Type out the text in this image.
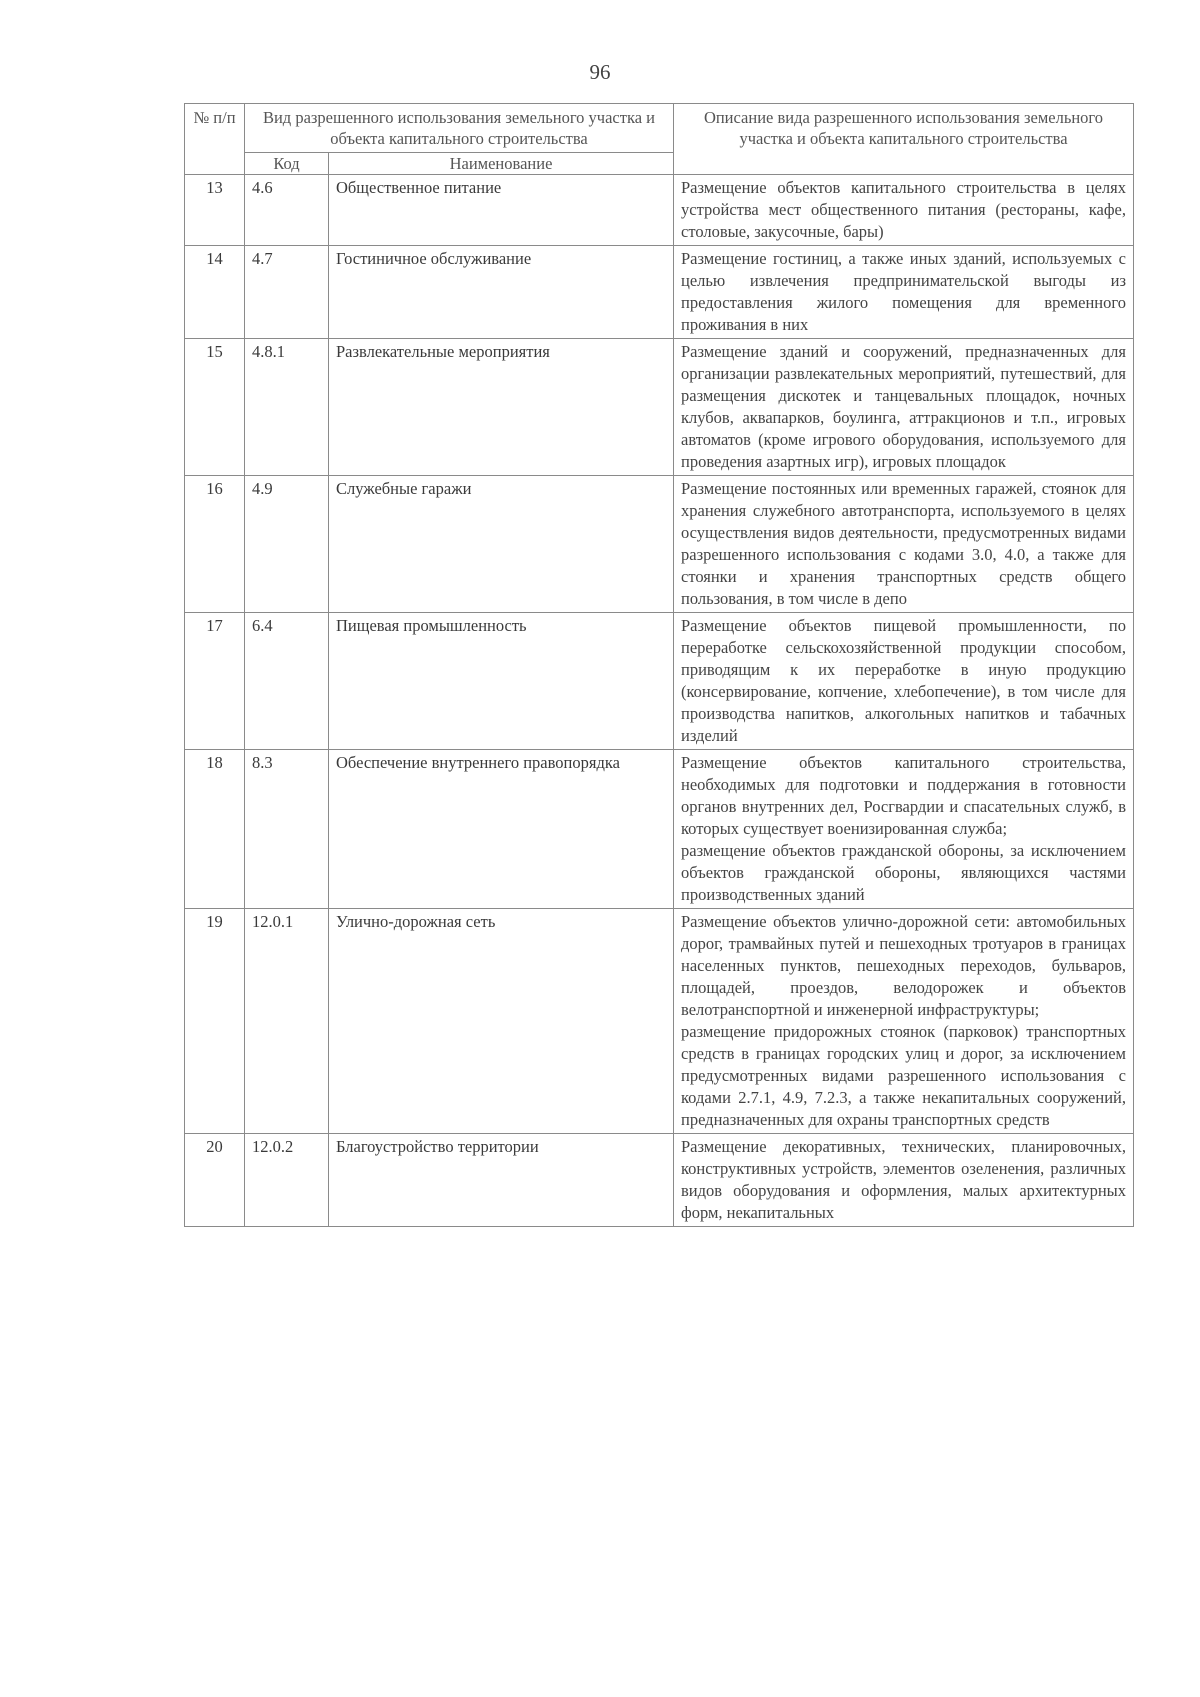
96
№ п/п	Вид разрешенного использования земельного участка и объекта капитального строительства		Описание вида разрешенного использования земельного участка и объекта капитального строительства
	Код	Наименование	
13	4.6	Общественное питание	Размещение объектов капитального строительства в целях устройства мест общественного питания (рестораны, кафе, столовые, закусочные, бары)

14	4.7	Гостиничное обслуживание	Размещение гостиниц, а также иных зданий, используемых с целью извлечения предпринимательской выгоды из предоставления жилого помещения для временного проживания в них

15	4.8.1	Развлекательные мероприятия	Размещение зданий и сооружений, предназначенных для организации развлекательных мероприятий, путешествий, для размещения дискотек и танцевальных площадок, ночных клубов, аквапарков, боулинга, аттракционов и т.п., игровых автоматов (кроме игрового оборудования, используемого для проведения азартных игр), игровых площадок

16	4.9	Служебные гаражи	Размещение постоянных или временных гаражей, стоянок для хранения служебного автотранспорта, используемого в целях осуществления видов деятельности, предусмотренных видами разрешенного использования с кодами 3.0, 4.0, а также для стоянки и хранения транспортных средств общего пользования, в том числе в депо

17	6.4	Пищевая промышленность	Размещение объектов пищевой промышленности, по переработке сельскохозяйственной продукции способом, приводящим к их переработке в иную продукцию (консервирование, копчение, хлебопечение), в том числе для производства напитков, алкогольных напитков и табачных изделий

18	8.3	Обеспечение внутреннего правопорядка	Размещение объектов капитального строительства, необходимых для подготовки и поддержания в готовности органов внутренних дел, Росгвардии и спасательных служб, в которых существует военизированная служба;
размещение объектов гражданской обороны, за исключением объектов гражданской обороны, являющихся частями производственных зданий

19	12.0.1	Улично-дорожная сеть	Размещение объектов улично-дорожной сети: автомобильных дорог, трамвайных путей и пешеходных тротуаров в границах населенных пунктов, пешеходных переходов, бульваров, площадей, проездов, велодорожек и объектов велотранспортной и инженерной инфраструктуры;
размещение придорожных стоянок (парковок) транспортных средств в границах городских улиц и дорог, за исключением предусмотренных видами разрешенного использования с кодами 2.7.1, 4.9, 7.2.3, а также некапитальных сооружений, предназначенных для охраны транспортных средств

20	12.0.2	Благоустройство территории	Размещение декоративных, технических, планировочных, конструктивных устройств, элементов озеленения, различных видов оборудования и оформления, малых архитектурных форм, некапитальных
